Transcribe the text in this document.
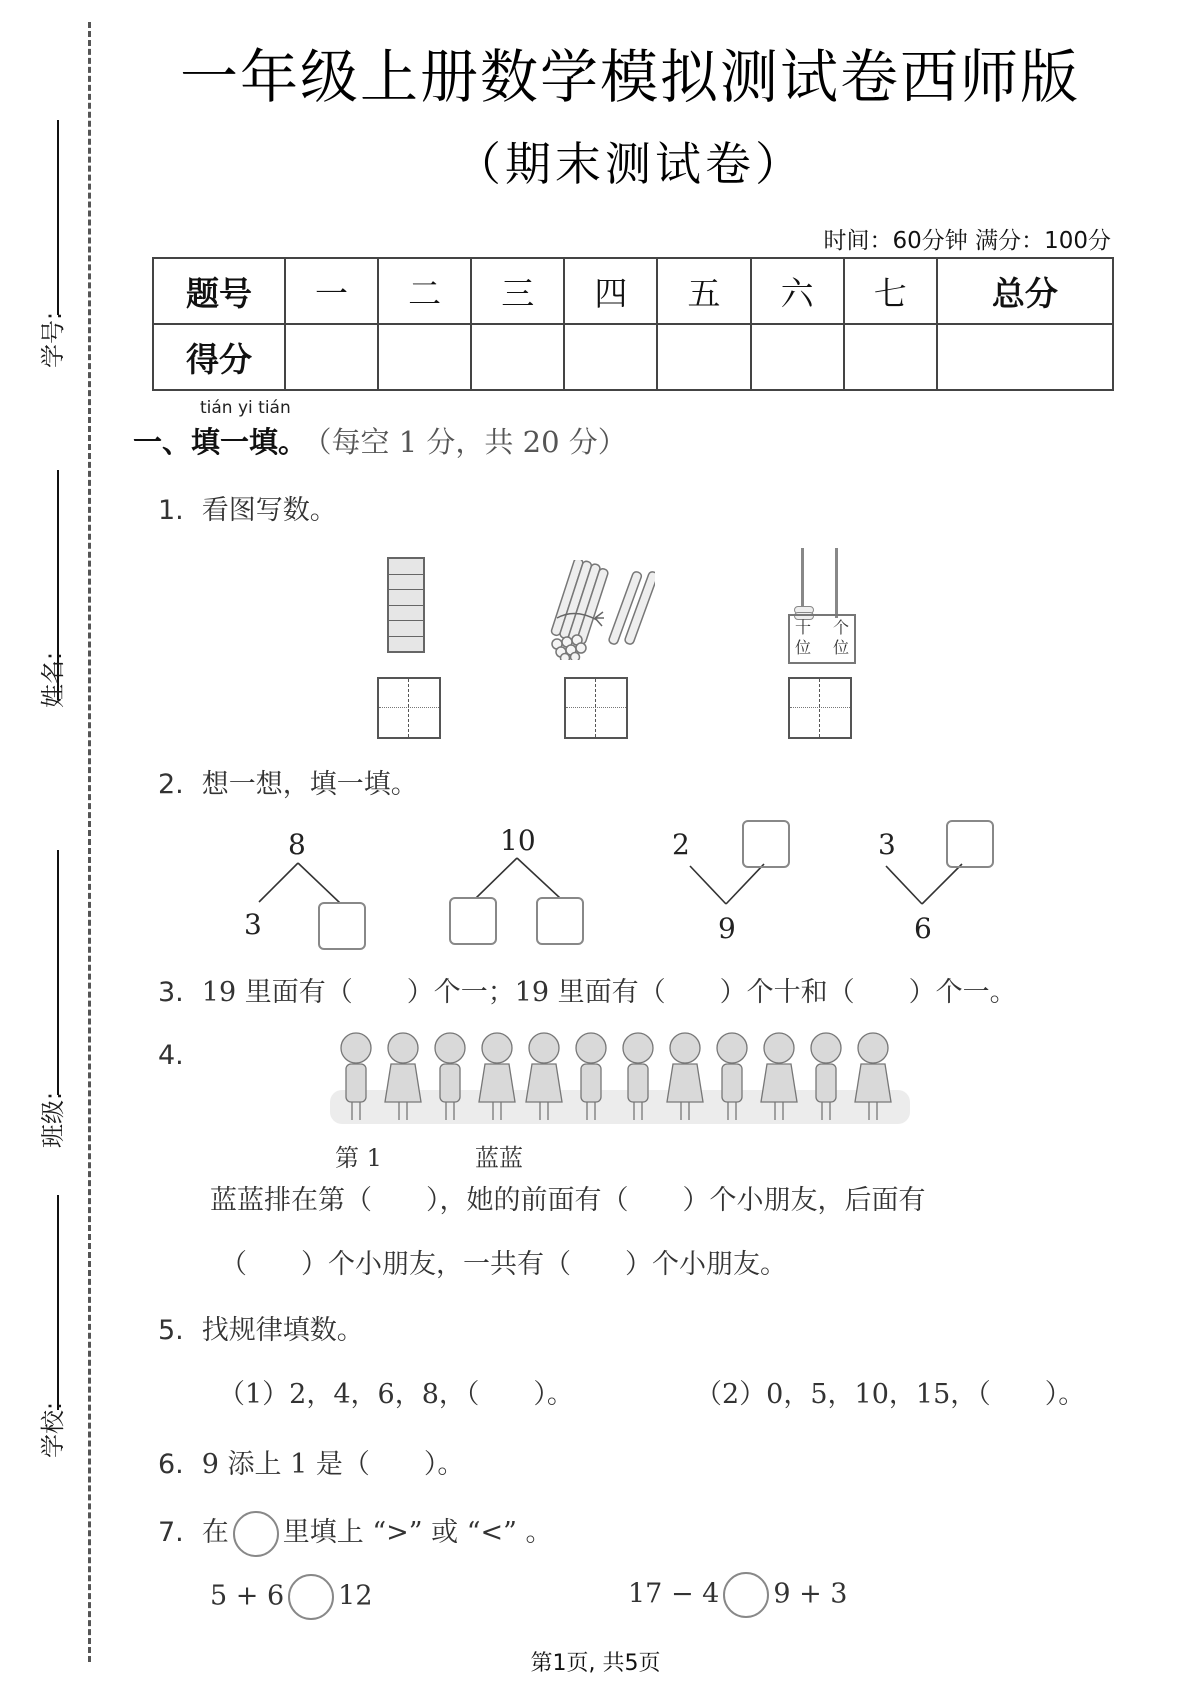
学号:
姓名:
班级:
学校:
一年级上册数学模拟测试卷西师版
（期末测试卷）
时间：60分钟 满分：100分
题号	一	二	三	四	五	六	七	总分
得分								
tián yi tián
一、填一填。 （每空 1 分，共 20 分）
1. 看图写数。
十
位
个
位
2. 想一想，填一填。
8
3
10	2
9
3
6
3. 19 里面有（　　）个一；19 里面有（　　）个十和（　　）个一。
4.
第 1	蓝蓝
蓝蓝排在第（　　），她的前面有（　　）个小朋友，后面有
（　　）个小朋友，一共有（　　）个小朋友。
5. 找规律填数。
（1）2，4，6，8，（　　）。	（2）0，5，10，15，（　　）。
6. 9 添上 1 是（　　）。
7. 在 里填上 “>” 或 “<” 。
5 + 6 12	17 − 4 9 + 3
第1页, 共5页
